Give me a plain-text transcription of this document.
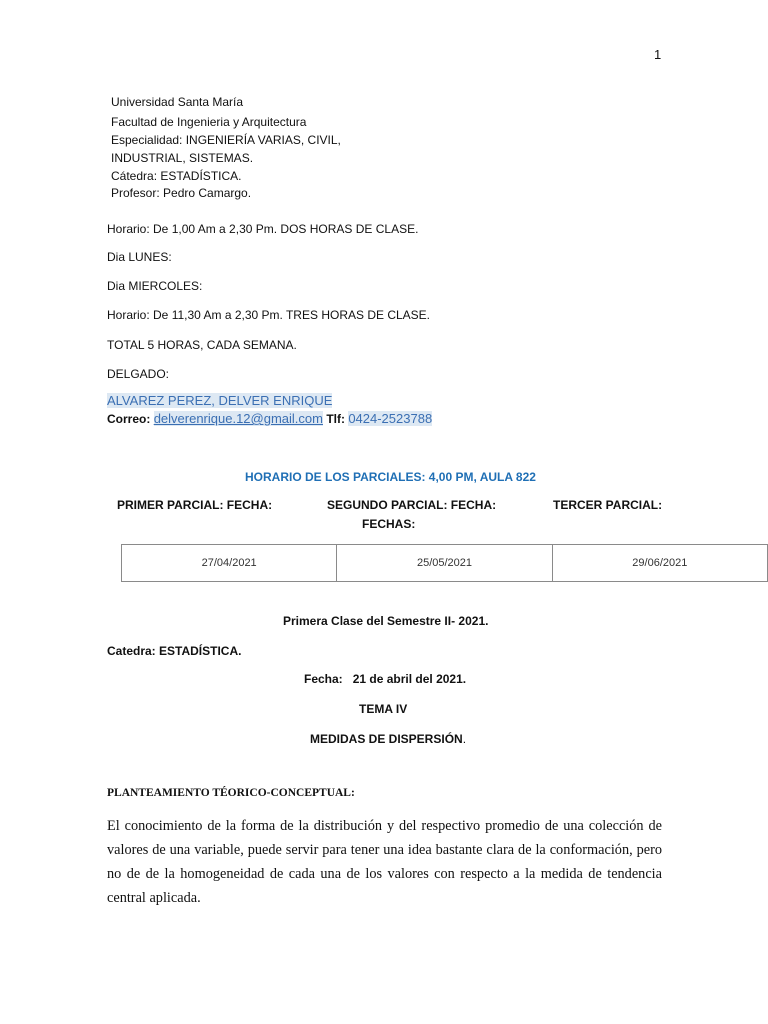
1
Universidad Santa María
Facultad de Ingenieria y Arquitectura
Especialidad: INGENIERÍA VARIAS, CIVIL,
INDUSTRIAL, SISTEMAS.
Cátedra: ESTADÍSTICA.
Profesor: Pedro Camargo.
Horario: De 1,00 Am a 2,30 Pm. DOS HORAS DE CLASE.
Dia LUNES:
Dia MIERCOLES:
Horario: De 11,30 Am a 2,30 Pm. TRES HORAS DE CLASE.
TOTAL 5 HORAS, CADA SEMANA.
DELGADO:
ALVAREZ PEREZ, DELVER ENRIQUE
Correo: delverenrique.12@gmail.com Tlf: 0424-2523788
HORARIO DE LOS PARCIALES: 4,00 PM, AULA 822
PRIMER PARCIAL: FECHA:	SEGUNDO PARCIAL: FECHA:	TERCER PARCIAL:
FECHAS:
27/04/2021	25/05/2021	29/06/2021
Primera Clase del Semestre II- 2021.
Catedra: ESTADÍSTICA.
Fecha: 21 de abril del 2021.
TEMA IV
MEDIDAS DE DISPERSIÓN.
PLANTEAMIENTO TÉORICO-CONCEPTUAL:
El conocimiento de la forma de la distribución y del respectivo promedio de una colección de valores de una variable, puede servir para tener una idea bastante clara de la conformación, pero no de de la homogeneidad de cada una de los valores con respecto a la medida de tendencia central aplicada.
